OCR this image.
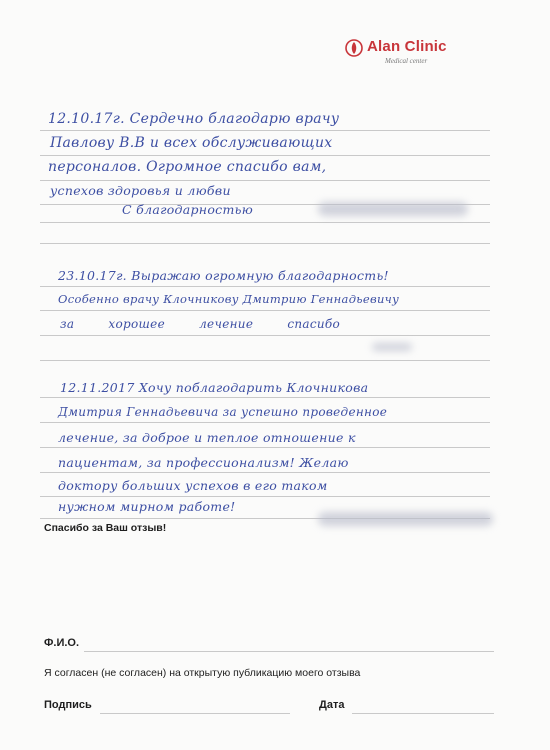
Alan Clinic
Medical center
12.10.17г. Сердечно благодарю врачу
Павлову В.В и всех обслуживающих
персоналов. Огромное спасибо вам,
успехов здоровья и любви
С благодарностью
23.10.17г. Выражаю огромную благодарность!
Особенно врачу Клочникову Дмитрию Геннадьевичу
за хорошее лечение спасибо
12.11.2017 Хочу поблагодарить Клочникова
Дмитрия Геннадьевича за успешно проведенное
лечение, за доброе и теплое отношение к
пациентам, за профессионализм! Желаю
доктору больших успехов в его таком
нужном мирном работе!
Спасибо за Ваш отзыв!
Ф.И.О.
Я согласен (не согласен) на открытую публикацию моего отзыва
Подпись	Дата
